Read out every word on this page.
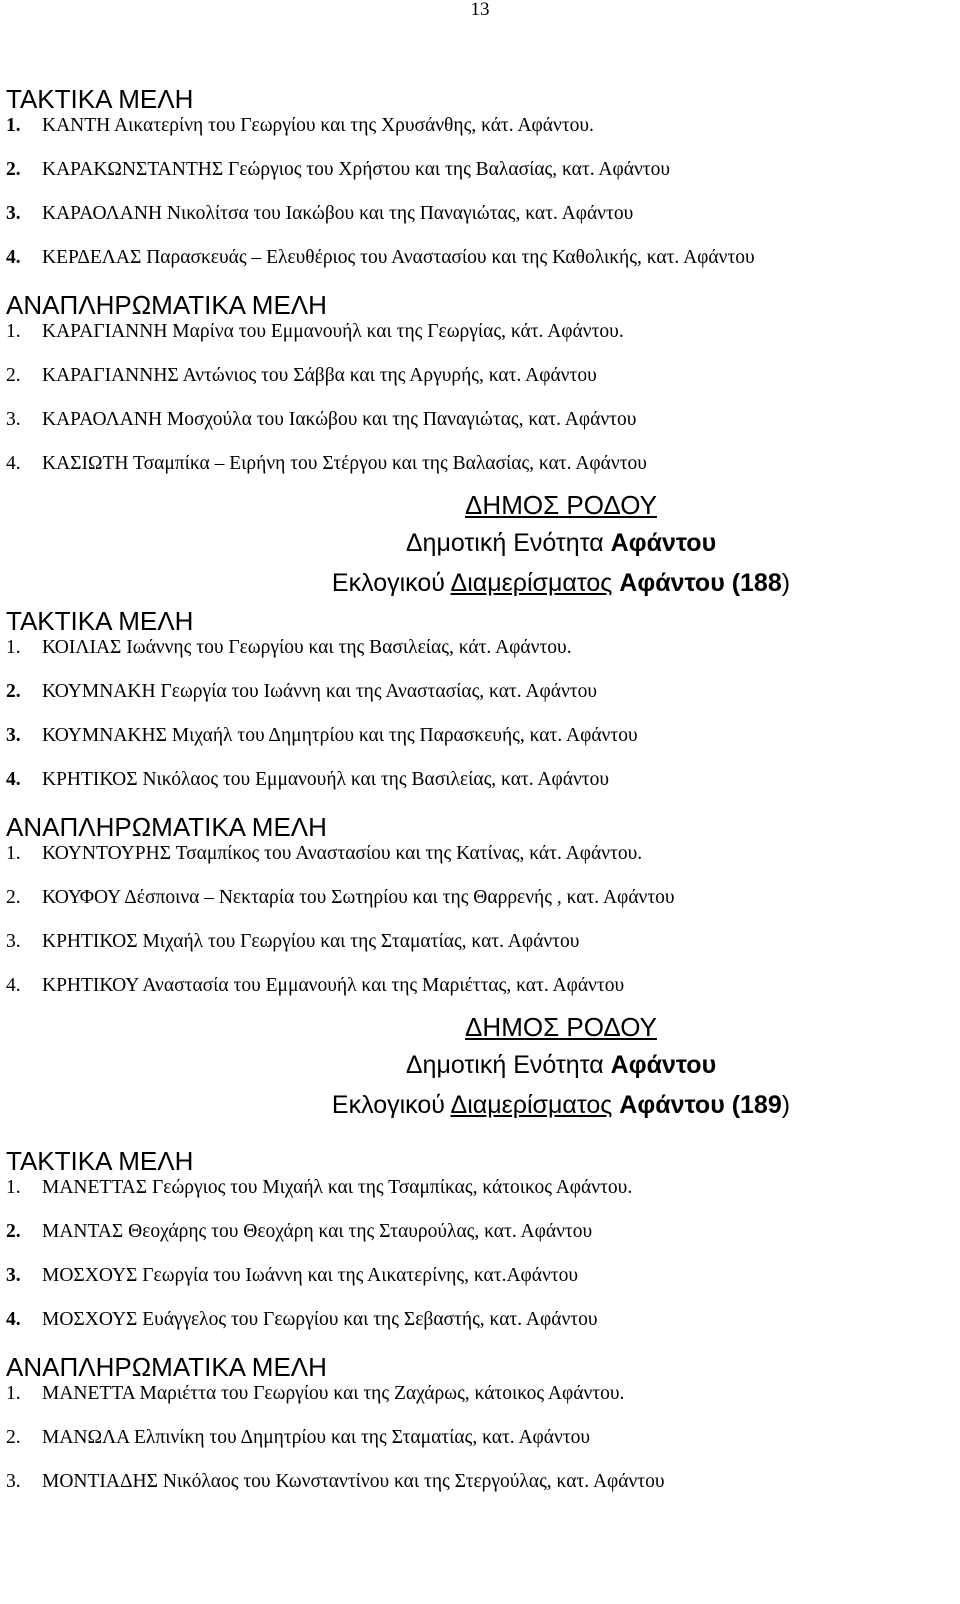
13
ΤΑΚΤΙΚΑ ΜΕΛΗ
1. ΚΑΝΤΗ Αικατερίνη του Γεωργίου και της Χρυσάνθης, κάτ. Αφάντου.
2. ΚΑΡΑΚΩΝΣΤΑΝΤΗΣ Γεώργιος του Χρήστου και της Βαλασίας, κατ. Αφάντου
3. ΚΑΡΑΟΛΑΝΗ Νικολίτσα του Ιακώβου και της Παναγιώτας, κατ. Αφάντου
4. ΚΕΡΔΕΛΑΣ Παρασκευάς – Ελευθέριος του Αναστασίου και της Καθολικής, κατ. Αφάντου
ΑΝΑΠΛΗΡΩΜΑΤΙΚΑ ΜΕΛΗ
1. ΚΑΡΑΓΙΑΝΝΗ Μαρίνα του Εμμανουήλ και της Γεωργίας, κάτ. Αφάντου.
2. ΚΑΡΑΓΙΑΝΝΗΣ Αντώνιος του Σάββα και της Αργυρής, κατ. Αφάντου
3. ΚΑΡΑΟΛΑΝΗ Μοσχούλα του Ιακώβου και της Παναγιώτας, κατ. Αφάντου
4. ΚΑΣΙΩΤΗ Τσαμπίκα – Ειρήνη του Στέργου και της Βαλασίας, κατ. Αφάντου
ΔΗΜΟΣ ΡΟΔΟΥ
Δημοτική Ενότητα Αφάντου
Εκλογικού Διαμερίσματος Αφάντου (188)
ΤΑΚΤΙΚΑ ΜΕΛΗ
1. ΚΟΙΛΙΑΣ Ιωάννης του Γεωργίου και της Βασιλείας, κάτ. Αφάντου.
2. ΚΟΥΜΝΑΚΗ Γεωργία του Ιωάννη και της Αναστασίας, κατ. Αφάντου
3. ΚΟΥΜΝΑΚΗΣ Μιχαήλ του Δημητρίου και της Παρασκευής, κατ. Αφάντου
4. ΚΡΗΤΙΚΟΣ Νικόλαος του Εμμανουήλ και της Βασιλείας, κατ. Αφάντου
ΑΝΑΠΛΗΡΩΜΑΤΙΚΑ ΜΕΛΗ
1. ΚΟΥΝΤΟΥΡΗΣ Τσαμπίκος του Αναστασίου και της Κατίνας, κάτ. Αφάντου.
2. ΚΟΥΦΟΥ Δέσποινα – Νεκταρία του Σωτηρίου και της Θαρρενής , κατ. Αφάντου
3. ΚΡΗΤΙΚΟΣ Μιχαήλ του Γεωργίου και της Σταματίας, κατ. Αφάντου
4. ΚΡΗΤΙΚΟΥ Αναστασία του Εμμανουήλ και της Μαριέττας, κατ. Αφάντου
ΔΗΜΟΣ ΡΟΔΟΥ
Δημοτική Ενότητα Αφάντου
Εκλογικού Διαμερίσματος Αφάντου (189)
ΤΑΚΤΙΚΑ ΜΕΛΗ
1. ΜΑΝΕΤΤΑΣ Γεώργιος του Μιχαήλ και της Τσαμπίκας, κάτοικος Αφάντου.
2. ΜΑΝΤΑΣ Θεοχάρης του Θεοχάρη και της Σταυρούλας, κατ. Αφάντου
3. ΜΟΣΧΟΥΣ Γεωργία του Ιωάννη και της Αικατερίνης, κατ.Αφάντου
4. ΜΟΣΧΟΥΣ Ευάγγελος του Γεωργίου και της Σεβαστής, κατ. Αφάντου
ΑΝΑΠΛΗΡΩΜΑΤΙΚΑ ΜΕΛΗ
1. ΜΑΝΕΤΤΑ Μαριέττα του Γεωργίου και της Ζαχάρως, κάτοικος Αφάντου.
2. ΜΑΝΩΛΑ Ελπινίκη του Δημητρίου και της Σταματίας, κατ. Αφάντου
3. ΜΟΝΤΙΑΔΗΣ Νικόλαος του Κωνσταντίνου και της Στεργούλας, κατ. Αφάντου
